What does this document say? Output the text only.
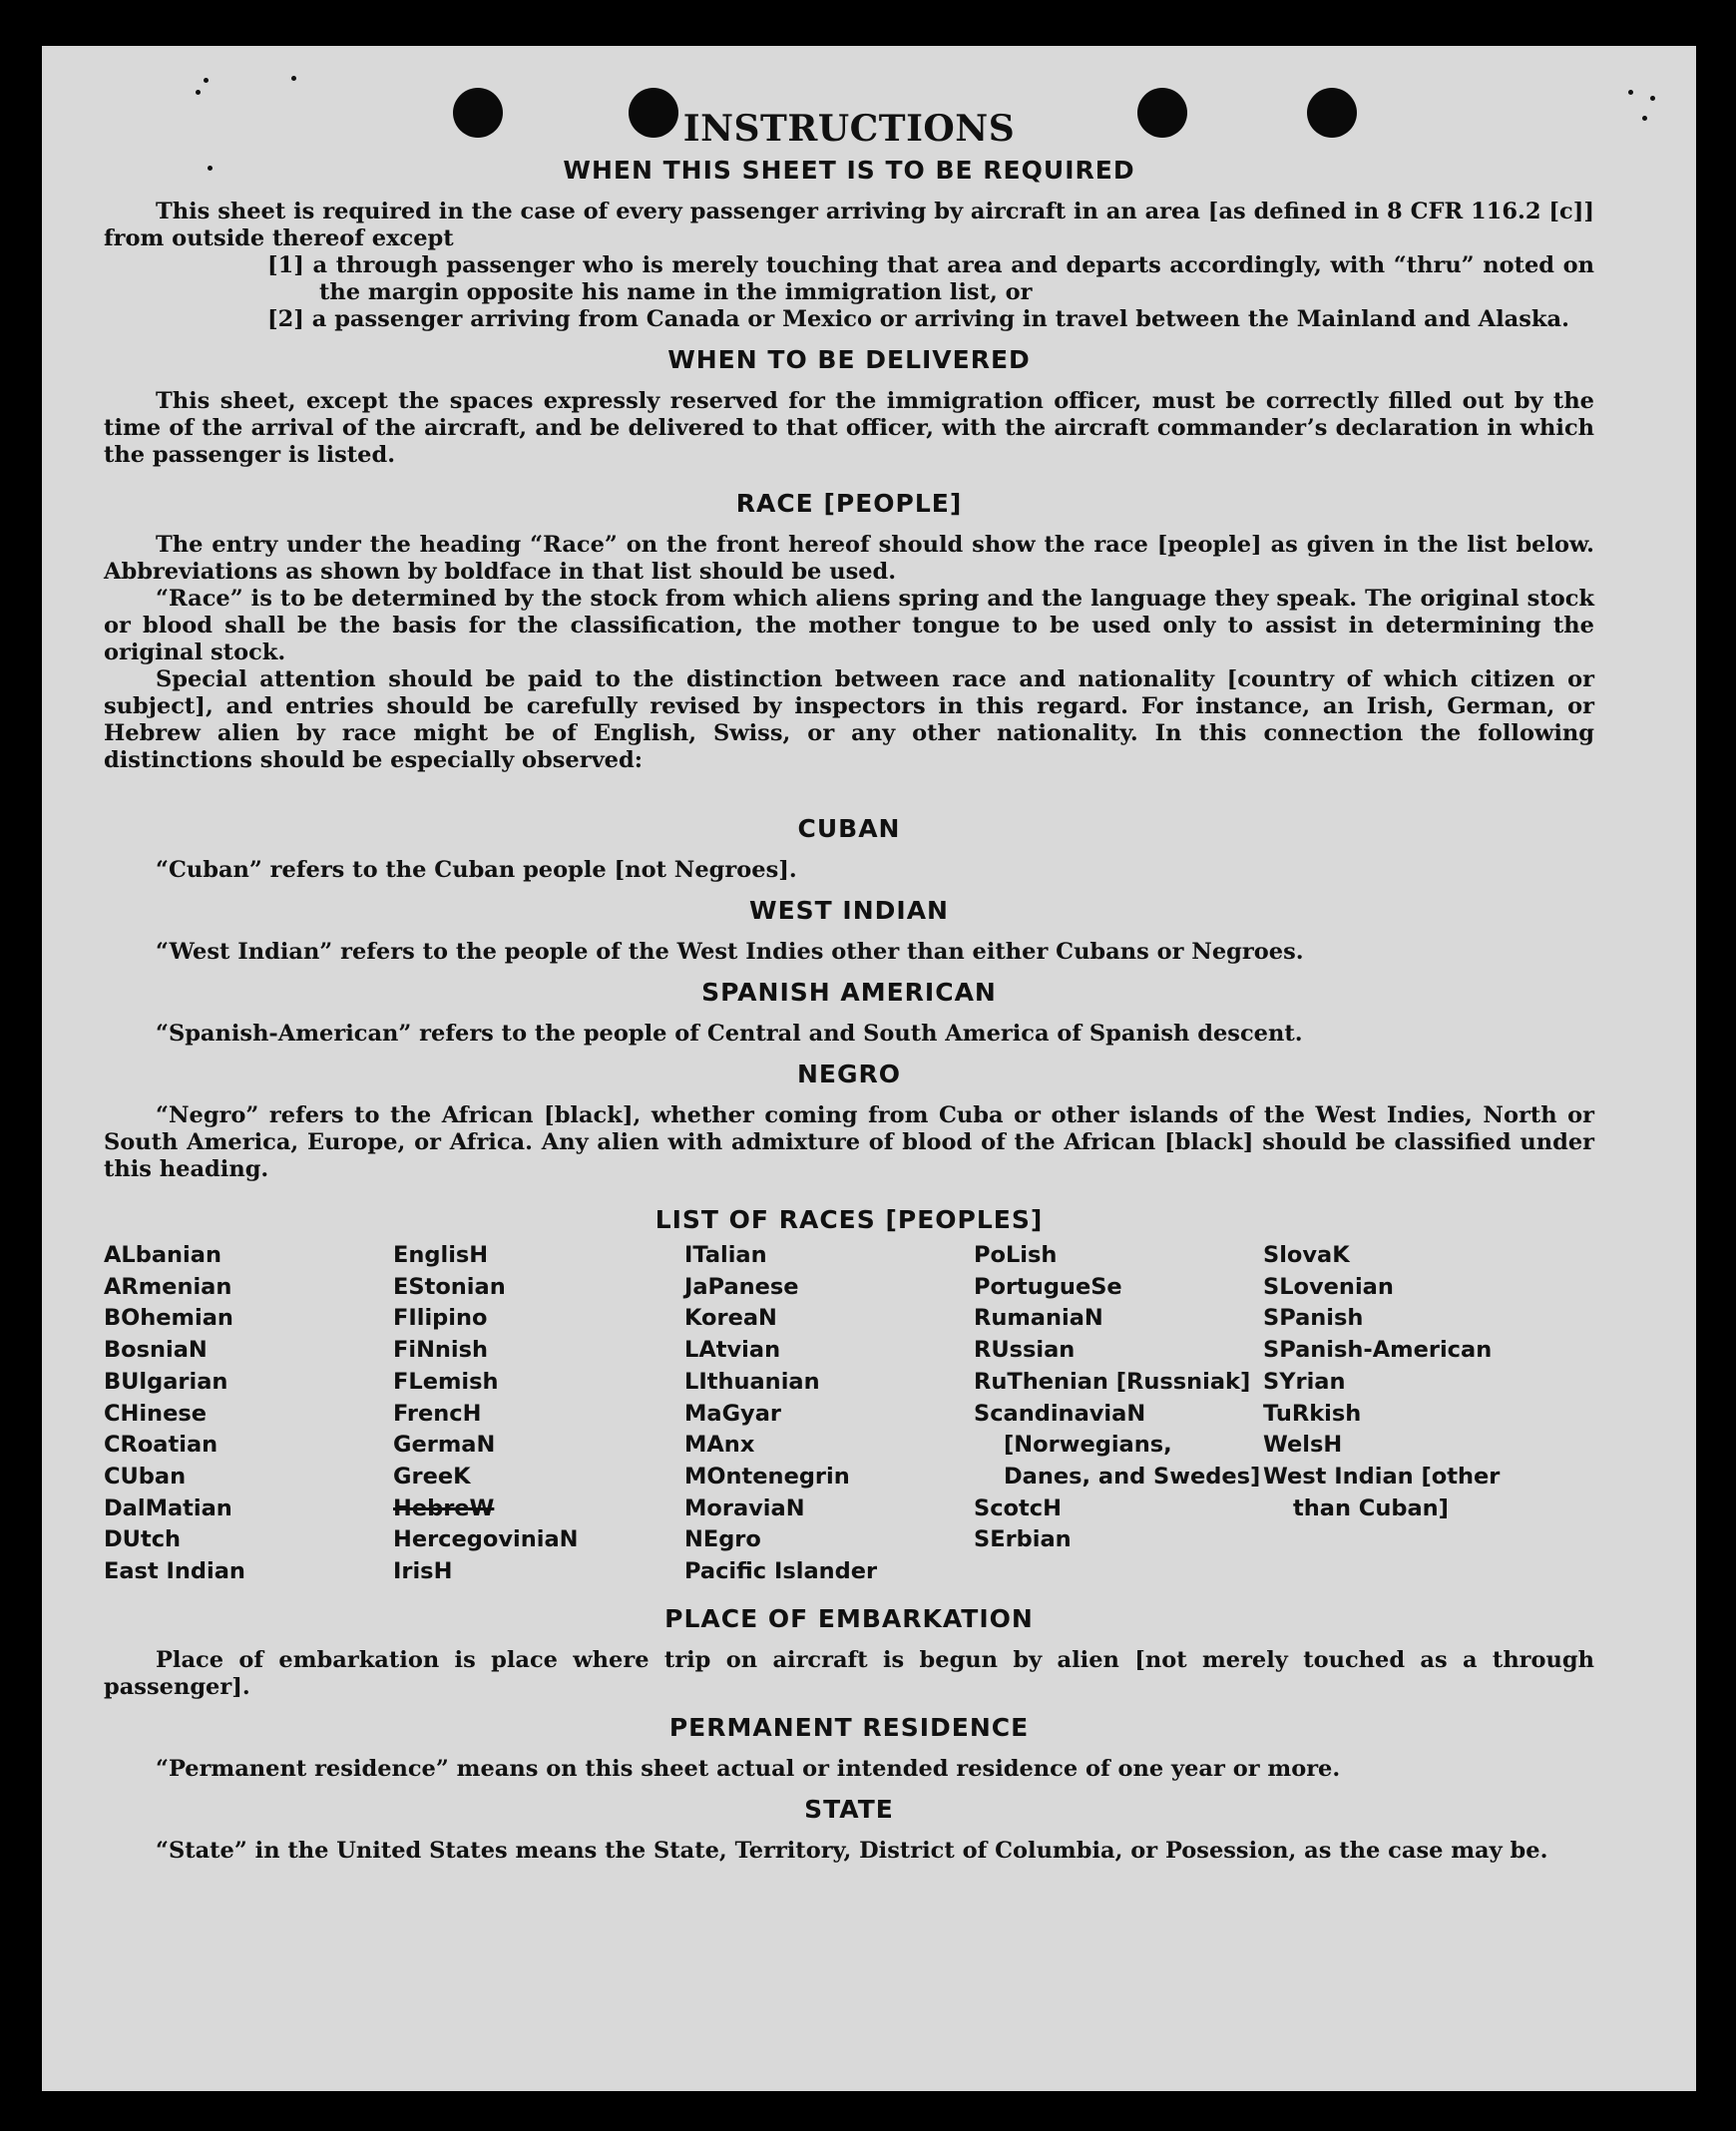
INSTRUCTIONS
WHEN THIS SHEET IS TO BE REQUIRED

This sheet is required in the case of every passenger arriving by aircraft in an area [as defined in 8 CFR 116.2 [c]] from outside thereof except

[1] a through passenger who is merely touching that area and departs accordingly, with “thru” noted on the margin opposite his name in the immigration list, or

[2] a passenger arriving from Canada or Mexico or arriving in travel between the Mainland and Alaska.

WHEN TO BE DELIVERED

This sheet, except the spaces expressly reserved for the immigration officer, must be correctly filled out by the time of the arrival of the aircraft, and be delivered to that officer, with the aircraft commander’s declaration in which the passenger is listed.

RACE [PEOPLE]

The entry under the heading “Race” on the front hereof should show the race [people] as given in the list below. Abbreviations as shown by boldface in that list should be used.

“Race” is to be determined by the stock from which aliens spring and the language they speak. The original stock or blood shall be the basis for the classification, the mother tongue to be used only to assist in determining the original stock.

Special attention should be paid to the distinction between race and nationality [country of which citizen or subject], and entries should be carefully revised by inspectors in this regard. For instance, an Irish, German, or Hebrew alien by race might be of English, Swiss, or any other nationality. In this connection the following distinctions should be especially observed:

CUBAN

“Cuban” refers to the Cuban people [not Negroes].

WEST INDIAN

“West Indian” refers to the people of the West Indies other than either Cubans or Negroes.

SPANISH AMERICAN

“Spanish-American” refers to the people of Central and South America of Spanish descent.

NEGRO

“Negro” refers to the African [black], whether coming from Cuba or other islands of the West Indies, North or South America, Europe, or Africa. Any alien with admixture of blood of the African [black] should be classified under this heading.

LIST OF RACES [PEOPLES]
ALbanian
ARmenian
BOhemian
BosniaN
BUlgarian
CHinese
CRoatian
CUban
DalMatian
DUtch
East Indian
EnglisH
EStonian
FIlipino
FiNnish
FLemish
FrencH
GermaN
GreeK
HebreW
HercegoviniaN
IrisH
ITalian
JaPanese
KoreaN
LAtvian
LIthuanian
MaGyar
MAnx
MOntenegrin
MoraviaN
NEgro
Pacific Islander
PoLish
PortugueSe
RumaniaN
RUssian
RuThenian [Russniak]
ScandinaviaN [Norwegians, Danes, and Swedes]
ScotcH
SErbian
SlovaK
SLovenian
SPanish
SPanish-American
SYrian
TuRkish
WelsH
West Indian [other than Cuban]
PLACE OF EMBARKATION

Place of embarkation is place where trip on aircraft is begun by alien [not merely touched as a through passenger].

PERMANENT RESIDENCE

“Permanent residence” means on this sheet actual or intended residence of one year or more.

STATE

“State” in the United States means the State, Territory, District of Columbia, or Posession, as the case may be.
